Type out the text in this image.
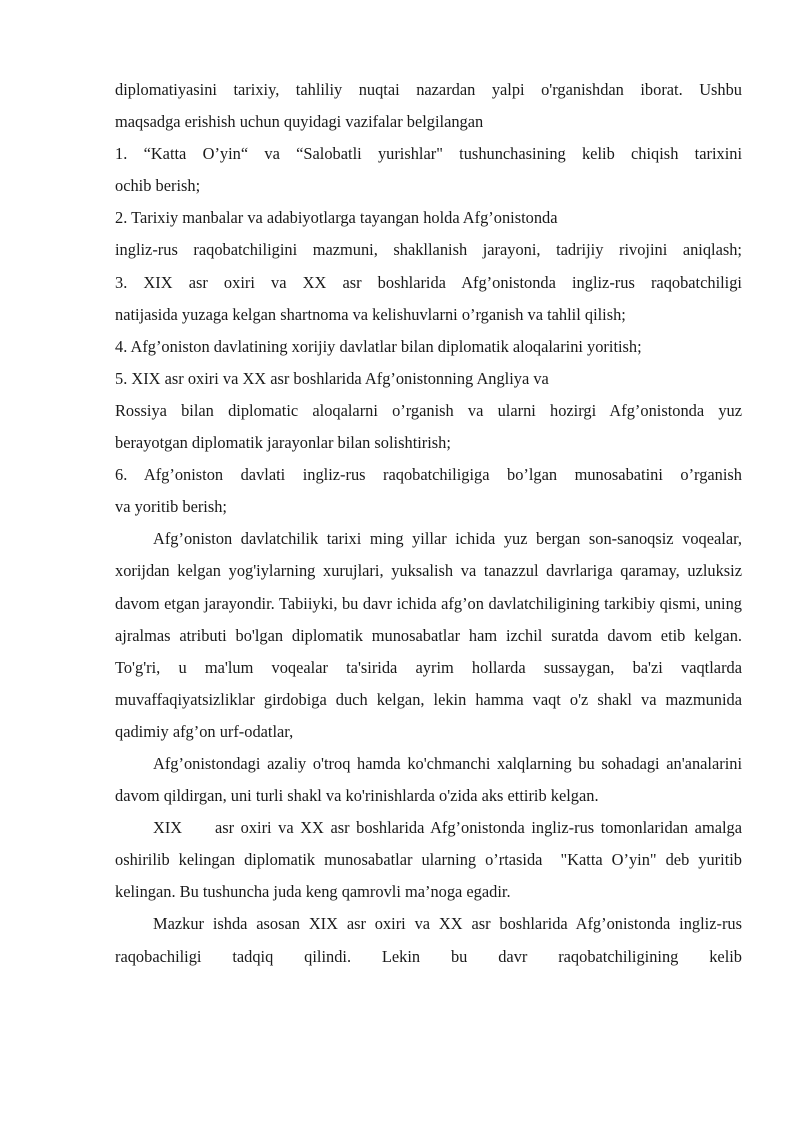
diplomatiyasini tarixiy, tahliliy nuqtai nazardan yalpi o'rganishdan iborat. Ushbu
maqsadga erishish uchun quyidagi vazifalar belgilangan
1. “Katta O’yin“ va “Salobatli yurishlar" tushunchasining kelib chiqish tarixini
ochib berish;
2. Tarixiy manbalar va adabiyotlarga tayangan holda Afg’onistonda
ingliz-rus raqobatchiligini mazmuni, shakllanish jarayoni, tadrijiy rivojini aniqlash;
3. XIX asr oxiri va XX asr boshlarida Afg’onistonda ingliz-rus raqobatchiligi
natijasida yuzaga kelgan shartnoma va kelishuvlarni o’rganish va tahlil qilish;
4. Afg’oniston davlatining xorijiy davlatlar bilan diplomatik aloqalarini yoritish;
5. XIX asr oxiri va XX asr boshlarida Afg’onistonning Angliya va
Rossiya bilan diplomatic aloqalarni o’rganish va ularni hozirgi Afg’onistonda yuz
berayotgan diplomatik jarayonlar bilan solishtirish;
6. Afg’oniston davlati ingliz-rus raqobatchiligiga bo’lgan munosabatini o’rganish
va yoritib berish;

Afg’oniston davlatchilik tarixi ming yillar ichida yuz bergan son-sanoqsiz voqealar, xorijdan kelgan yog'iylarning xurujlari, yuksalish va tanazzul davrlariga qaramay, uzluksiz davom etgan jarayondir. Tabiiyki, bu davr ichida afg’on davlatchiligining tarkibiy qismi, uning ajralmas atributi bo'lgan diplomatik munosabatlar ham izchil suratda davom etib kelgan. To'g'ri, u ma'lum voqealar ta'sirida ayrim hollarda sussaygan, ba'zi vaqtlarda muvaffaqiyatsizliklar girdobiga duch kelgan, lekin hamma vaqt o'z shakl va mazmunida qadimiy afg’on urf-odatlar,

Afg’onistondagi azaliy o'troq hamda ko'chmanchi xalqlarning bu sohadagi an'analarini davom qildirgan, uni turli shakl va ko'rinishlarda o'zida aks ettirib kelgan.

XIX     asr oxiri va XX asr boshlarida Afg’onistonda ingliz-rus tomonlaridan amalga oshirilib kelingan diplomatik munosabatlar ularning o’rtasida  "Katta O’yin" deb yuritib kelingan. Bu tushuncha juda keng qamrovli ma’noga egadir.

Mazkur ishda asosan XIX asr oxiri va XX asr boshlarida Afg’onistonda ingliz-rus raqobachiligi tadqiq qilindi. Lekin bu davr raqobatchiligining kelib
